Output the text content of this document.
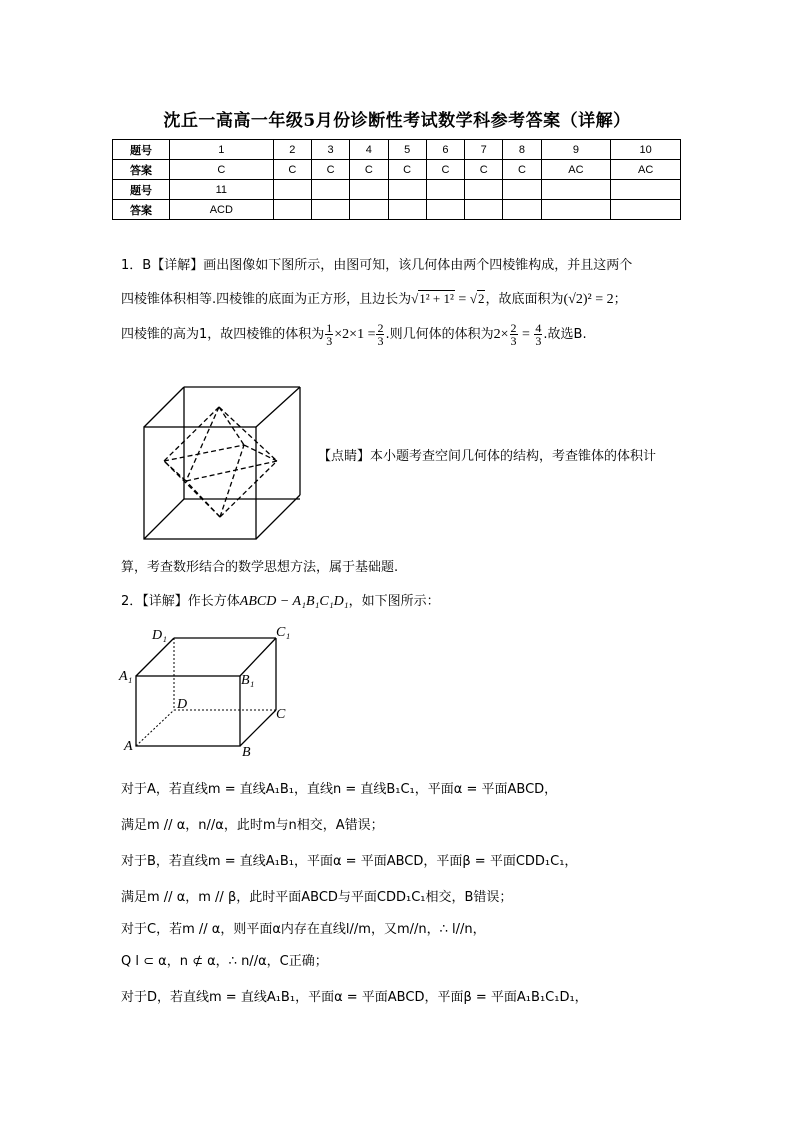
沈丘一高高一年级5月份诊断性考试数学科参考答案（详解）
题号	1	2	3	4	5	6	7	8	9	10
答案	C	C	C	C	C	C	C	C	AC	AC
题号	11									
答案	ACD									
1．B【详解】画出图像如下图所示，由图可知，该几何体由两个四棱锥构成，并且这两个
四棱锥体积相等.四棱锥的底面为正方形，且边长为√1² + 1² = √2，故底面积为(√2)² = 2；
四棱锥的高为1，故四棱锥的体积为 $\frac{1}{3} \times 2\times 1 = \frac{2}{3}$ .则几何体的体积为$2\times \frac{2}{3} = \frac{4}{3}$ .故选B.
【点睛】本小题考查空间几何体的结构，考查锥体的体积计
算，考查数形结合的数学思想方法，属于基础题.
2．【详解】作长方体ABCD − A₁B₁C₁D₁，如下图所示：
D₁	C₁
A₁	B₁
D
C
A	B
对于A，若直线m = 直线A₁B₁，直线n = 直线B₁C₁，平面α = 平面ABCD，
满足m // α，n//α，此时m与n相交，A错误；
对于B，若直线m = 直线A₁B₁，平面α = 平面ABCD，平面β = 平面CDD₁C₁，
满足m // α，m // β，此时平面ABCD与平面CDD₁C₁相交，B错误；
对于C，若m // α，则平面α内存在直线l//m，又m//n，∴ l//n，
Q l ⊂ α，n ⊄ α，∴ n//α，C正确；
对于D，若直线m = 直线A₁B₁，平面α = 平面ABCD，平面β = 平面A₁B₁C₁D₁，
